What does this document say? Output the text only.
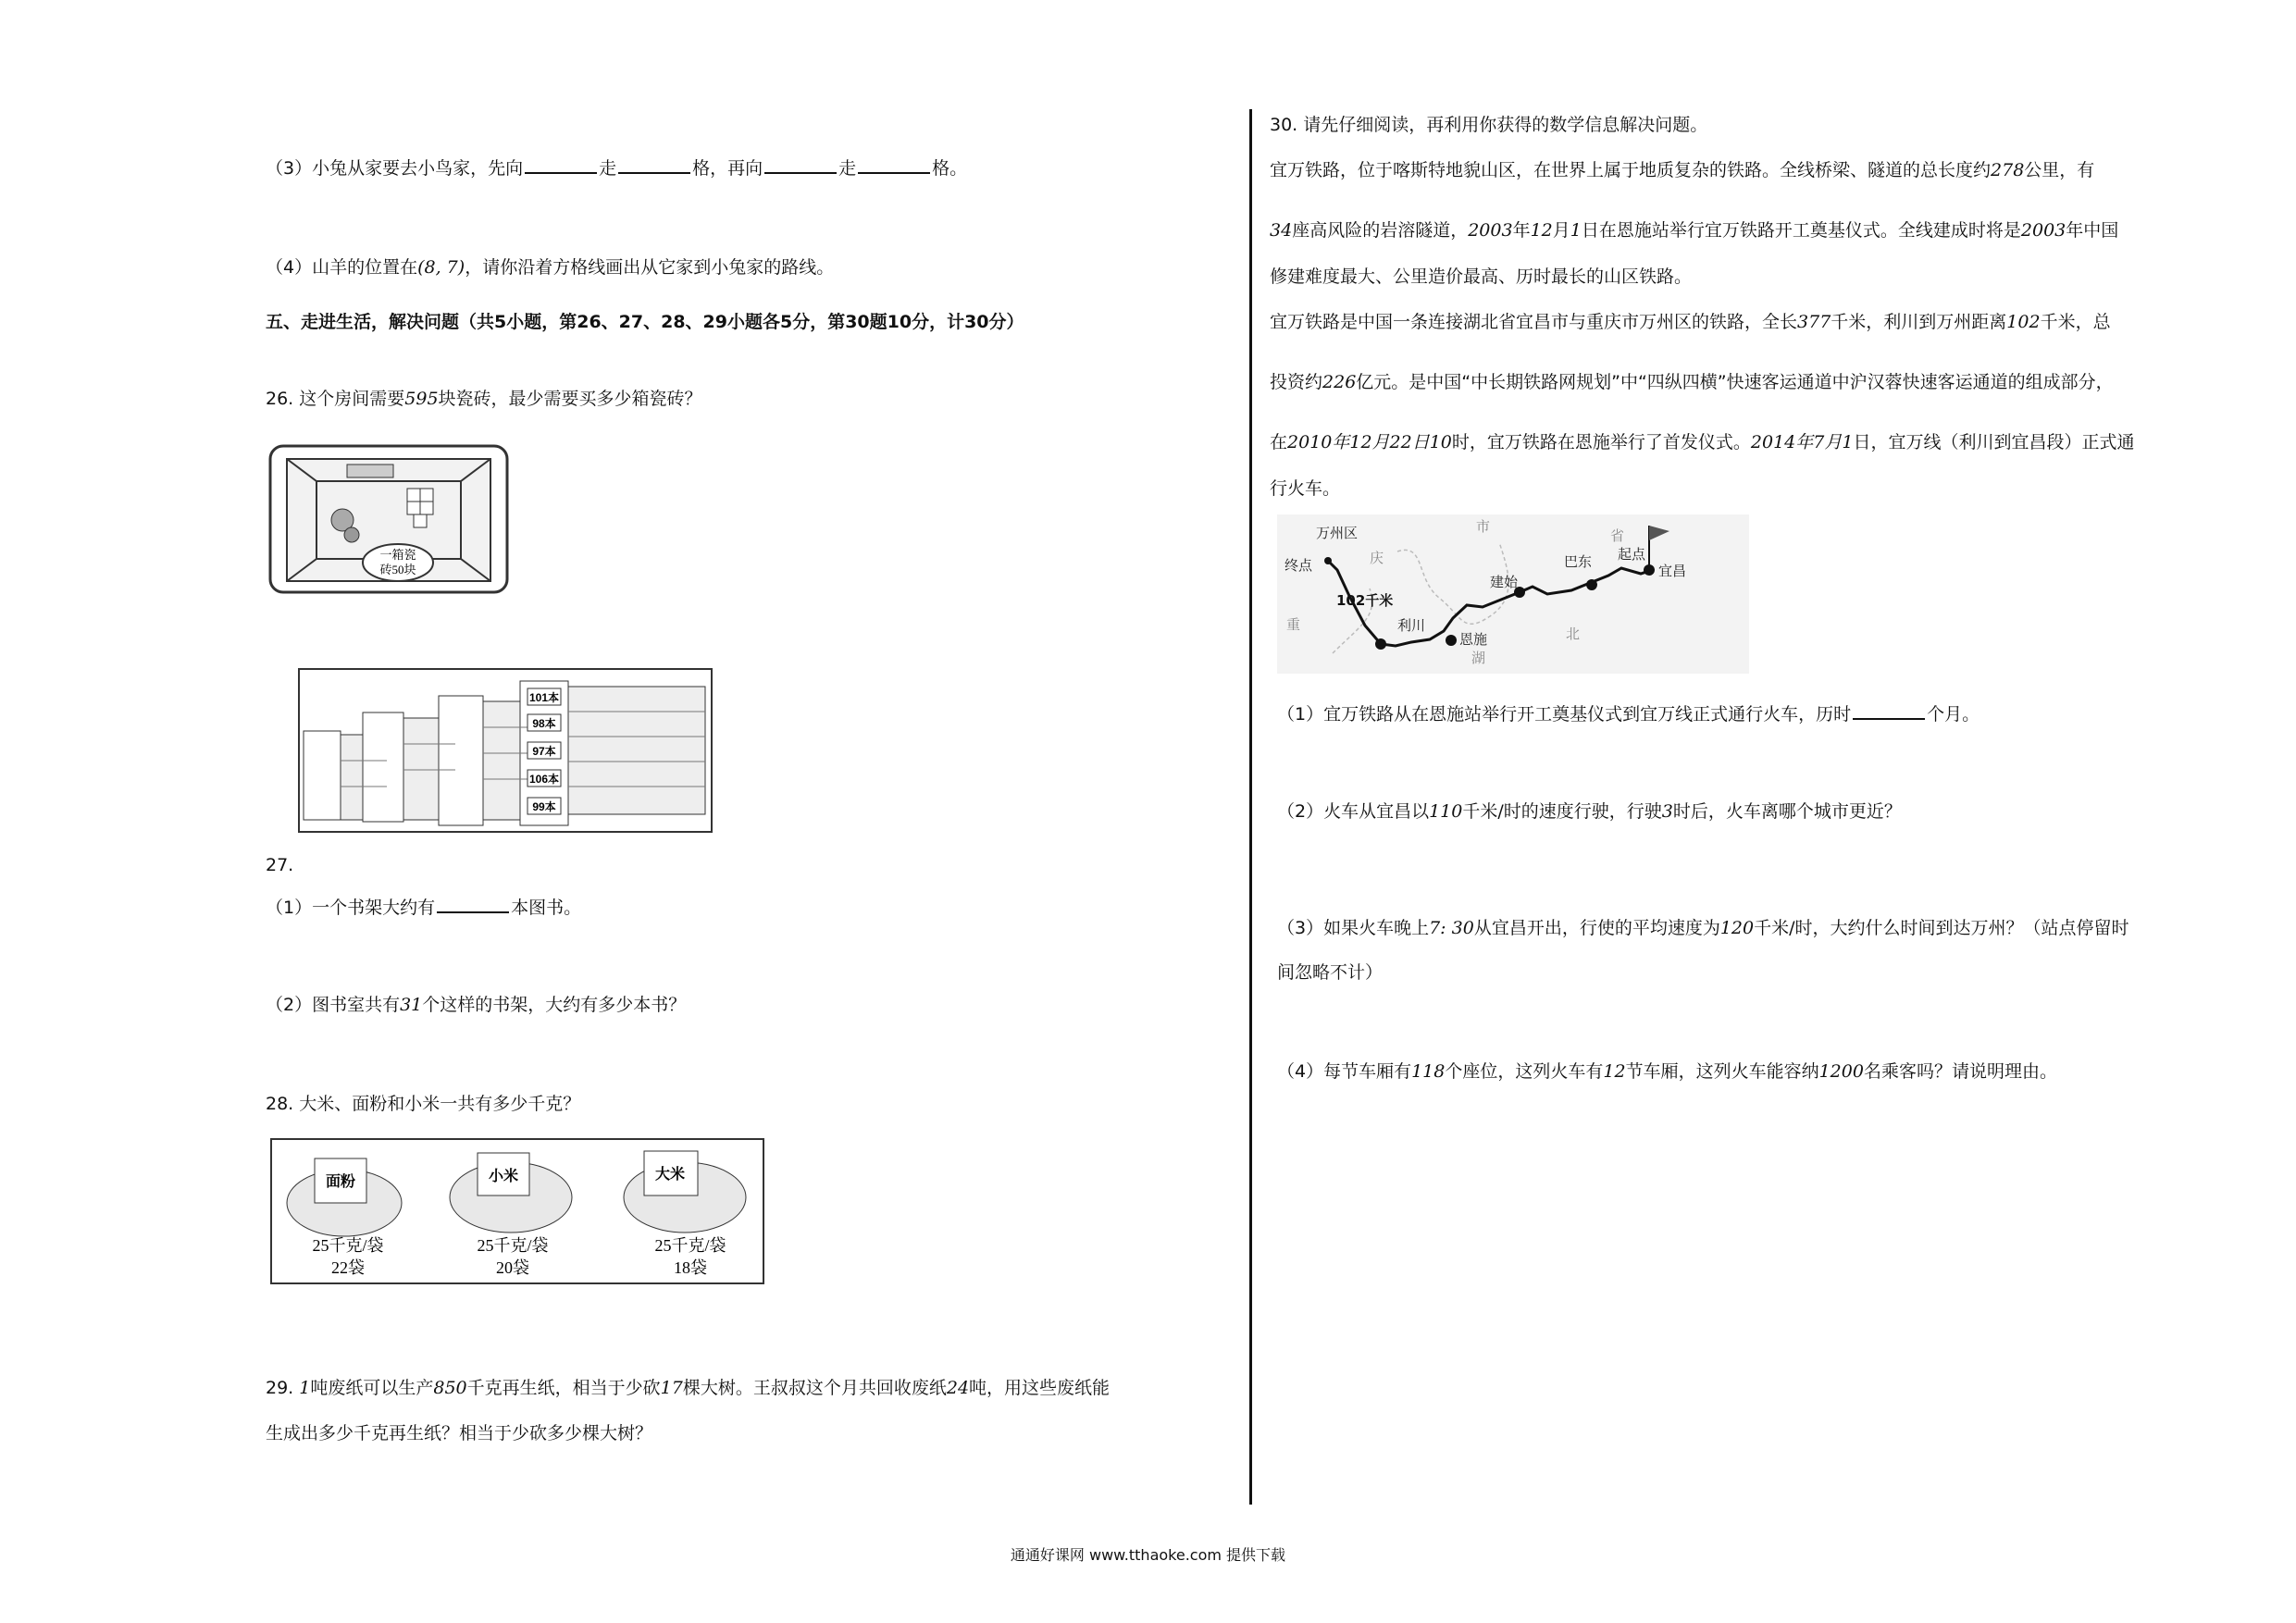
（3）小兔从家要去小鸟家，先向	走	格，再向	走	格。
（4）山羊的位置在(8, 7)，请你沿着方格线画出从它家到小兔家的路线。
五、走进生活，解决问题（共5小题，第26、27、28、29小题各5分，第30题10分，计30分）
26. 这个房间需要595块瓷砖，最少需要买多少箱瓷砖？
一箱瓷
砖50块
101本
98本
97本
106本
99本
27.
（1）一个书架大约有	本图书。
（2）图书室共有31个这样的书架，大约有多少本书？
28. 大米、面粉和小米一共有多少千克？
面粉	小米	大米
25千克/袋
22袋
25千克/袋
20袋
25千克/袋
18袋
29. 1吨废纸可以生产850千克再生纸，相当于少砍17棵大树。王叔叔这个月共回收废纸24吨，用这些废纸能
生成出多少千克再生纸？相当于少砍多少棵大树？
30. 请先仔细阅读，再利用你获得的数学信息解决问题。
宜万铁路，位于喀斯特地貌山区，在世界上属于地质复杂的铁路。全线桥梁、隧道的总长度约278公里，有
34座高风险的岩溶隧道，2003年12月1日在恩施站举行宜万铁路开工奠基仪式。全线建成时将是2003年中国
修建难度最大、公里造价最高、历时最长的山区铁路。
宜万铁路是中国一条连接湖北省宜昌市与重庆市万州区的铁路，全长377千米，利川到万州距离102千米，总
投资约226亿元。是中国“中长期铁路网规划”中“四纵四横”快速客运通道中沪汉蓉快速客运通道的组成部分，
在2010年12月22日10时，宜万铁路在恩施举行了首发仪式。2014年7月1日，宜万线（利川到宜昌段）正式通
行火车。
万州区
终点	庆
市
重
102千米
利川
恩施
建始
巴东 起点
宜昌
省
湖
北
（1）宜万铁路从在恩施站举行开工奠基仪式到宜万线正式通行火车，历时	个月。
（2）火车从宜昌以110千米/时的速度行驶，行驶3时后，火车离哪个城市更近？
（3）如果火车晚上7: 30从宜昌开出，行使的平均速度为120千米/时，大约什么时间到达万州？（站点停留时
间忽略不计）
（4）每节车厢有118个座位，这列火车有12节车厢，这列火车能容纳1200名乘客吗？请说明理由。
通通好课网 www.tthaoke.com 提供下载
